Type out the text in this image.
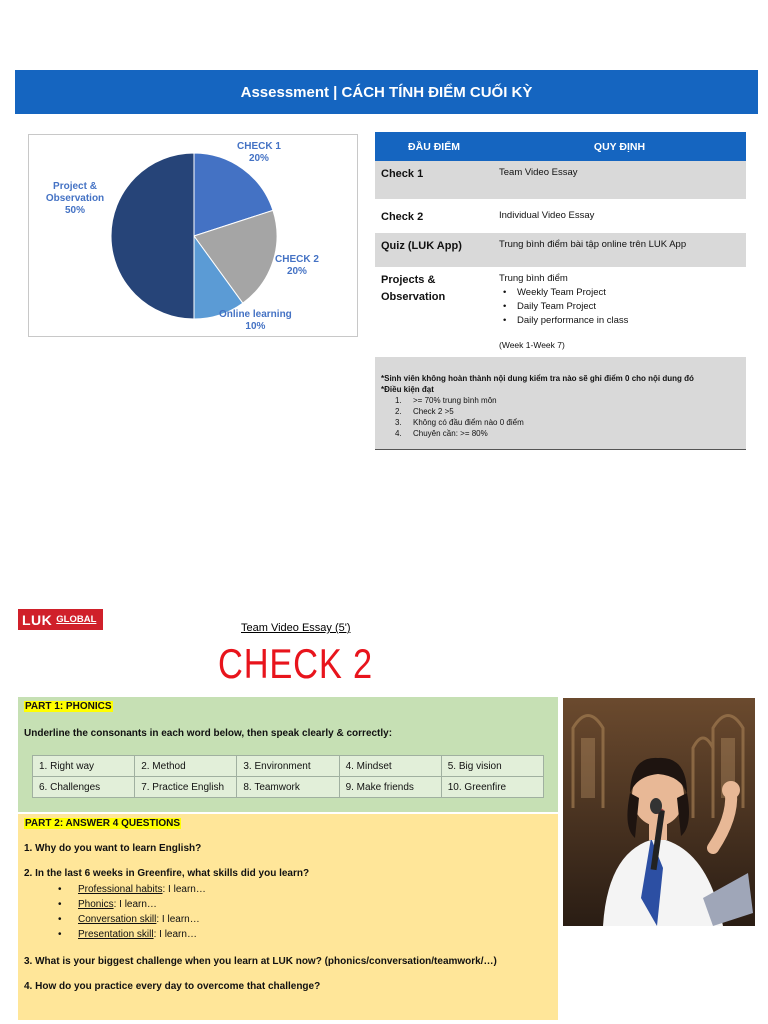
Assessment | CÁCH TÍNH ĐIỂM CUỐI KỲ
CHECK 1
20%
CHECK 2
20%
Online learning
10%
Project & Observation
50%
ĐẦU ĐIỂM	QUY ĐỊNH
Check 1	Team Video Essay
Check 2	Individual Video Essay
Quiz (LUK App)	Trung bình điểm bài tập online trên LUK App
Projects & Observation
Trung bình điểm
• Weekly Team Project
• Daily Team Project
• Daily performance in class
(Week 1-Week 7)
*Sinh viên không hoàn thành nội dung kiểm tra nào sẽ ghi điểm 0 cho nội dung đó
*Điều kiện đạt
1.	>= 70% trung bình môn
2.	Check 2 >5
3.	Không có đầu điểm nào 0 điểm
4.	Chuyên cần: >= 80%
LUK GLOBAL
Team Video Essay (5')
CHECK 2
PART 1: PHONICS
Underline the consonants in each word below, then speak clearly & correctly:
1. Right way	2. Method	3. Environment	4. Mindset	5. Big vision
6. Challenges	7. Practice English	8. Teamwork	9. Make friends	10. Greenfire
PART 2: ANSWER 4 QUESTIONS
1. Why do you want to learn English?
2. In the last 6 weeks in Greenfire, what skills did you learn?
• Professional habits: I learn…
• Phonics: I learn…
• Conversation skill: I learn…
• Presentation skill: I learn…
3. What is your biggest challenge when you learn at LUK now? (phonics/conversation/teamwork/…)
4. How do you practice every day to overcome that challenge?
